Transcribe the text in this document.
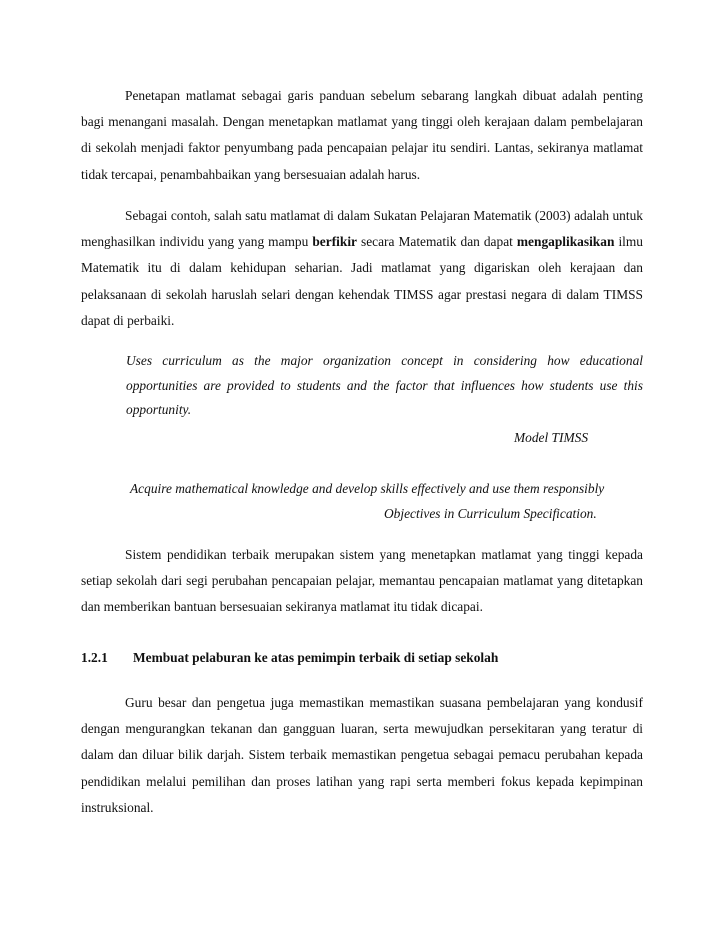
Penetapan matlamat sebagai garis panduan sebelum sebarang langkah dibuat adalah penting bagi menangani masalah. Dengan menetapkan matlamat yang tinggi oleh kerajaan dalam pembelajaran di sekolah menjadi faktor penyumbang pada pencapaian pelajar itu sendiri. Lantas, sekiranya matlamat tidak tercapai, penambahbaikan yang bersesuaian adalah harus.

Sebagai contoh, salah satu matlamat di dalam Sukatan Pelajaran Matematik (2003) adalah untuk menghasilkan individu yang yang mampu berfikir secara Matematik dan dapat mengaplikasikan ilmu Matematik itu di dalam kehidupan seharian. Jadi matlamat yang digariskan oleh kerajaan dan pelaksanaan di sekolah haruslah selari dengan kehendak TIMSS agar prestasi negara di dalam TIMSS dapat di perbaiki.

Uses curriculum as the major organization concept in considering how educational opportunities are provided to students and the factor that influences how students use this opportunity.

Model TIMSS
Acquire mathematical knowledge and develop skills effectively and use them responsibly
Objectives in Curriculum Specification.

Sistem pendidikan terbaik merupakan sistem yang menetapkan matlamat yang tinggi kepada setiap sekolah dari segi perubahan pencapaian pelajar, memantau pencapaian matlamat yang ditetapkan dan memberikan bantuan bersesuaian sekiranya matlamat itu tidak dicapai.

1.2.1 Membuat pelaburan ke atas pemimpin terbaik di setiap sekolah

Guru besar dan pengetua juga memastikan memastikan suasana pembelajaran yang kondusif dengan mengurangkan tekanan dan gangguan luaran, serta mewujudkan persekitaran yang teratur di dalam dan diluar bilik darjah. Sistem terbaik memastikan pengetua sebagai pemacu perubahan kepada pendidikan melalui pemilihan dan proses latihan yang rapi serta memberi fokus kepada kepimpinan instruksional.
